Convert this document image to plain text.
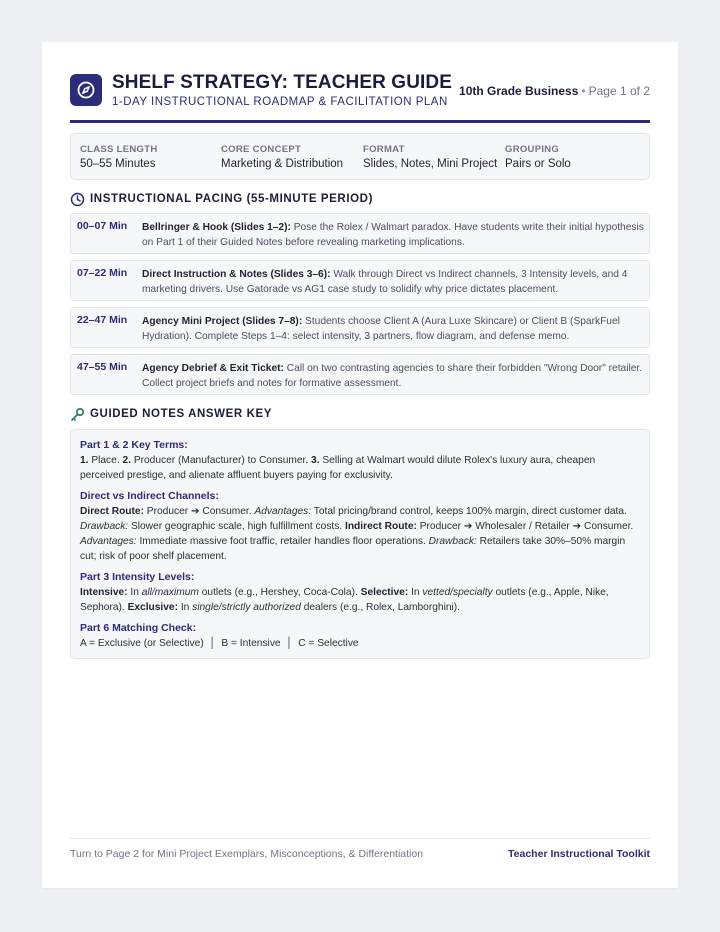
SHELF STRATEGY: TEACHER GUIDE
1-DAY INSTRUCTIONAL ROADMAP & FACILITATION PLAN
10th Grade Business • Page 1 of 2
CLASS LENGTH
50–55 Minutes
CORE CONCEPT
Marketing & Distribution
FORMAT
Slides, Notes, Mini Project
GROUPING
Pairs or Solo
INSTRUCTIONAL PACING (55-MINUTE PERIOD)
00–07 Min Bellringer & Hook (Slides 1–2): Pose the Rolex / Walmart paradox. Have students write their initial hypothesis on Part 1 of their Guided Notes before revealing marketing implications.
07–22 Min Direct Instruction & Notes (Slides 3–6): Walk through Direct vs Indirect channels, 3 Intensity levels, and 4 marketing drivers. Use Gatorade vs AG1 case study to solidify why price dictates placement.
22–47 Min Agency Mini Project (Slides 7–8): Students choose Client A (Aura Luxe Skincare) or Client B (SparkFuel Hydration). Complete Steps 1–4: select intensity, 3 partners, flow diagram, and defense memo.
47–55 Min Agency Debrief & Exit Ticket: Call on two contrasting agencies to share their forbidden "Wrong Door" retailer. Collect project briefs and notes for formative assessment.
GUIDED NOTES ANSWER KEY
Part 1 & 2 Key Terms:
1. Place. 2. Producer (Manufacturer) to Consumer. 3. Selling at Walmart would dilute Rolex's luxury aura, cheapen perceived prestige, and alienate affluent buyers paying for exclusivity.
Direct vs Indirect Channels:
Direct Route: Producer ➔ Consumer. Advantages: Total pricing/brand control, keeps 100% margin, direct customer data. Drawback: Slower geographic scale, high fulfillment costs. Indirect Route: Producer ➔ Wholesaler / Retailer ➔ Consumer. Advantages: Immediate massive foot traffic, retailer handles floor operations. Drawback: Retailers take 30%–50% margin cut; risk of poor shelf placement.
Part 3 Intensity Levels:
Intensive: In all/maximum outlets (e.g., Hershey, Coca-Cola). Selective: In vetted/specialty outlets (e.g., Apple, Nike, Sephora). Exclusive: In single/strictly authorized dealers (e.g., Rolex, Lamborghini).
Part 6 Matching Check:
A = Exclusive (or Selective)  │  B = Intensive  │  C = Selective
Turn to Page 2 for Mini Project Exemplars, Misconceptions, & Differentiation	Teacher Instructional Toolkit
